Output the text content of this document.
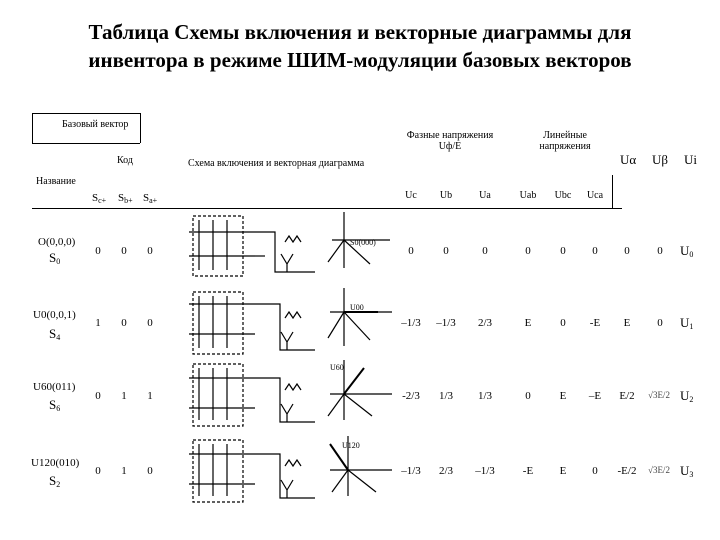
Таблица Схемы включения и векторные диаграммы для
инвентора в режиме ШИМ-модуляции базовых векторов
Базовый вектор
Код
Название
Схема включения и векторная диаграмма
Фазные напряжения
Uф/E
Линейные
напряжения
Uα Uβ Ui
$S_{c+}$ $S_{b+}$ $S_{a+}$	Uc	Ub	Ua	Uab	Ubc	Uca
O(0,0,0)
$S_0$
0	0	0	0	0	0	0	0	0	0	0	$U_0$
U0(0,0,1)
$S_4$
1	0	0	–1/3	–1/3	2/3	E	0	-E	E	0	$U_1$
U60(011)
$S_6$
0	1	1	-2/3	1/3	1/3	0	E	–E	E/2	√3E/2 $U_2$
U120(010)
$S_2$
0	1	0	–1/3	2/3	–1/3	-E	E	0	-E/2	√3E/2 $U_3$
S0(000)
U00
U60
U120
